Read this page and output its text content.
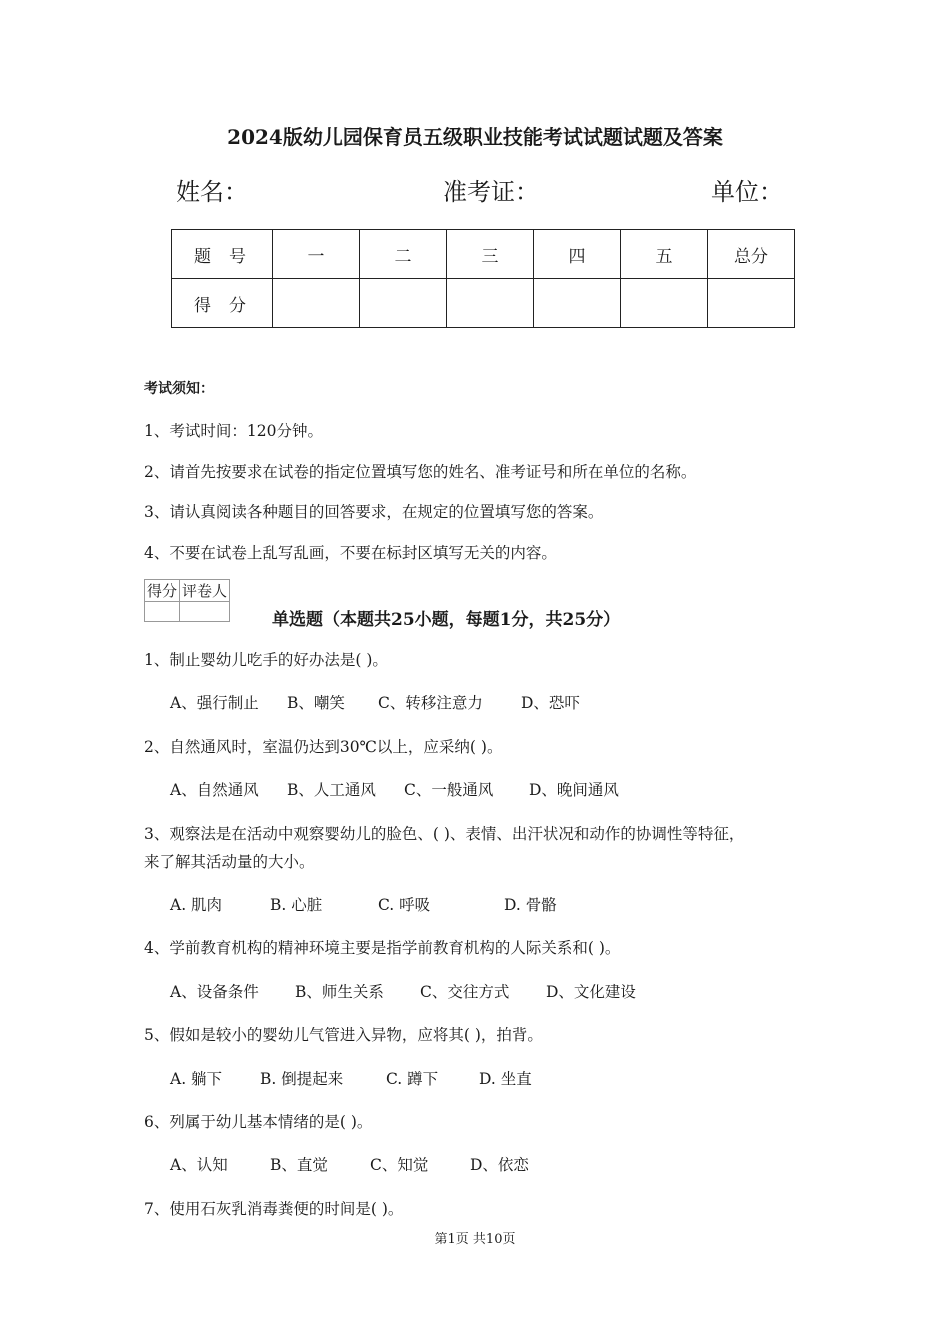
2024版幼儿园保育员五级职业技能考试试题试题及答案
姓名：	准考证：	单位：
题号	一	二	三	四	五	总分
得分						
考试须知：
1、考试时间：120分钟。
2、请首先按要求在试卷的指定位置填写您的姓名、准考证号和所在单位的名称。
3、请认真阅读各种题目的回答要求，在规定的位置填写您的答案。
4、不要在试卷上乱写乱画，不要在标封区填写无关的内容。
得分	评卷人

单选题（本题共25小题，每题1分，共25分）
1、制止婴幼儿吃手的好办法是( )。
A、强行制止 B、嘲笑 C、转移注意力 D、恐吓
2、自然通风时，室温仍达到30℃以上，应采纳( )。
A、自然通风 B、人工通风 C、一般通风 D、晚间通风
3、观察法是在活动中观察婴幼儿的脸色、( )、表情、出汗状况和动作的协调性等特征，
来了解其活动量的大小。
A. 肌肉	B. 心脏	C. 呼吸	D. 骨骼
4、学前教育机构的精神环境主要是指学前教育机构的人际关系和( )。
A、设备条件 B、师生关系 C、交往方式 D、文化建设
5、假如是较小的婴幼儿气管进入异物，应将其( )，拍背。
A. 躺下 B. 倒提起来	C. 蹲下	D. 坐直
6、列属于幼儿基本情绪的是( )。
A、认知	B、直觉	C、知觉	D、依恋
7、使用石灰乳消毒粪便的时间是( )。
第1页 共10页
